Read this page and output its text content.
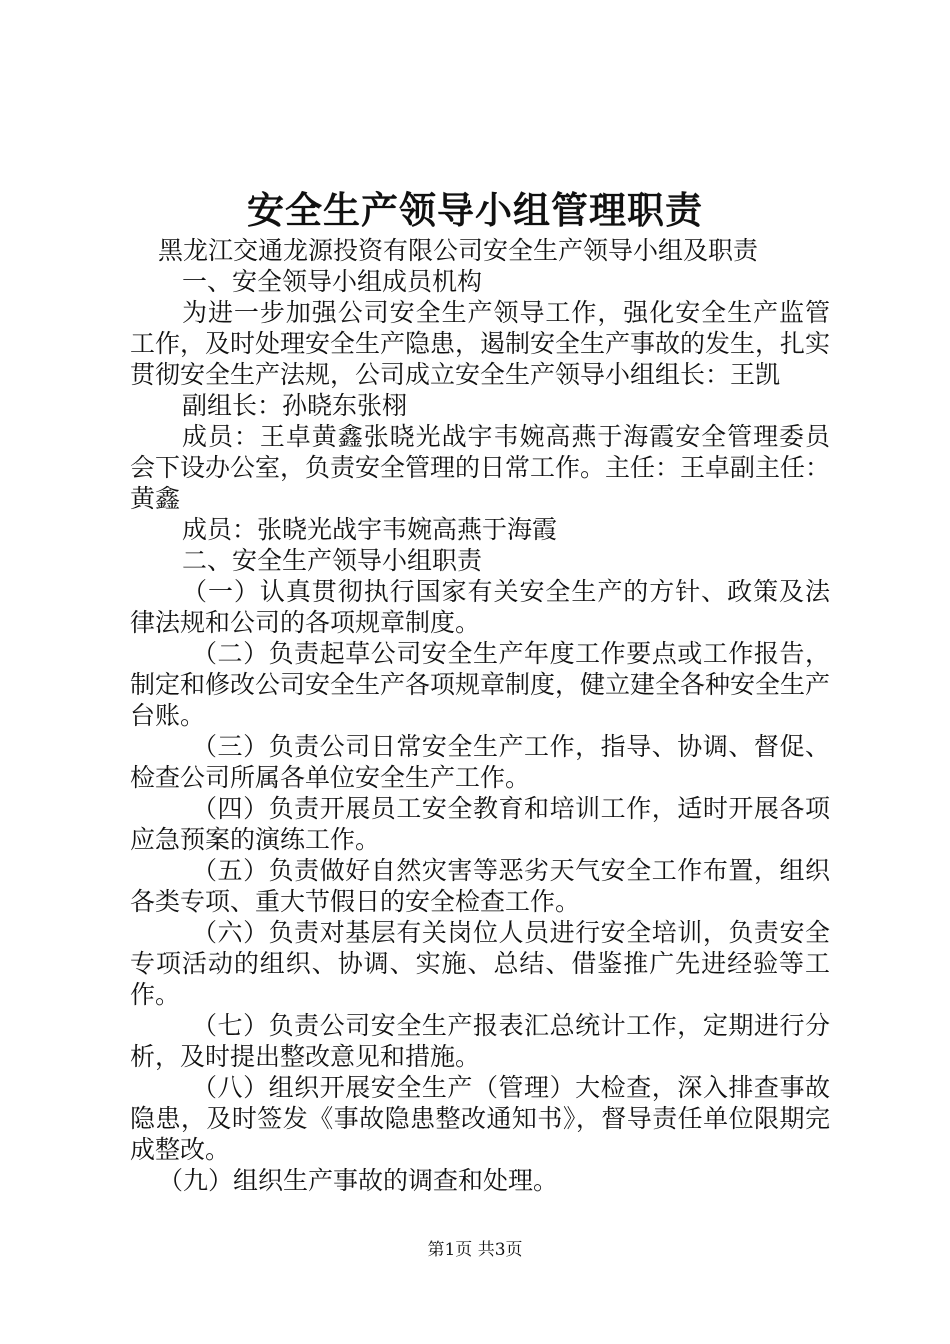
安全生产领导小组管理职责

黑龙江交通龙源投资有限公司安全生产领导小组及职责

一、安全领导小组成员机构

为进一步加强公司安全生产领导工作，强化安全生产监管工作，及时处理安全生产隐患，遏制安全生产事故的发生，扎实贯彻安全生产法规，公司成立安全生产领导小组组长：王凯

副组长：孙晓东张栩

成员：王卓黄鑫张晓光战宇韦婉高燕于海霞安全管理委员会下设办公室，负责安全管理的日常工作。主任：王卓副主任：黄鑫

成员：张晓光战宇韦婉高燕于海霞

二、安全生产领导小组职责

（一）认真贯彻执行国家有关安全生产的方针、政策及法律法规和公司的各项规章制度。

（二）负责起草公司安全生产年度工作要点或工作报告，制定和修改公司安全生产各项规章制度，健立建全各种安全生产台账。

（三）负责公司日常安全生产工作，指导、协调、督促、检查公司所属各单位安全生产工作。

（四）负责开展员工安全教育和培训工作，适时开展各项应急预案的演练工作。

（五）负责做好自然灾害等恶劣天气安全工作布置，组织各类专项、重大节假日的安全检查工作。

（六）负责对基层有关岗位人员进行安全培训，负责安全专项活动的组织、协调、实施、总结、借鉴推广先进经验等工作。

（七）负责公司安全生产报表汇总统计工作，定期进行分析，及时提出整改意见和措施。

（八）组织开展安全生产（管理）大检查，深入排查事故隐患，及时签发《事故隐患整改通知书》，督导责任单位限期完成整改。

（九）组织生产事故的调查和处理。

第1页 共3页
